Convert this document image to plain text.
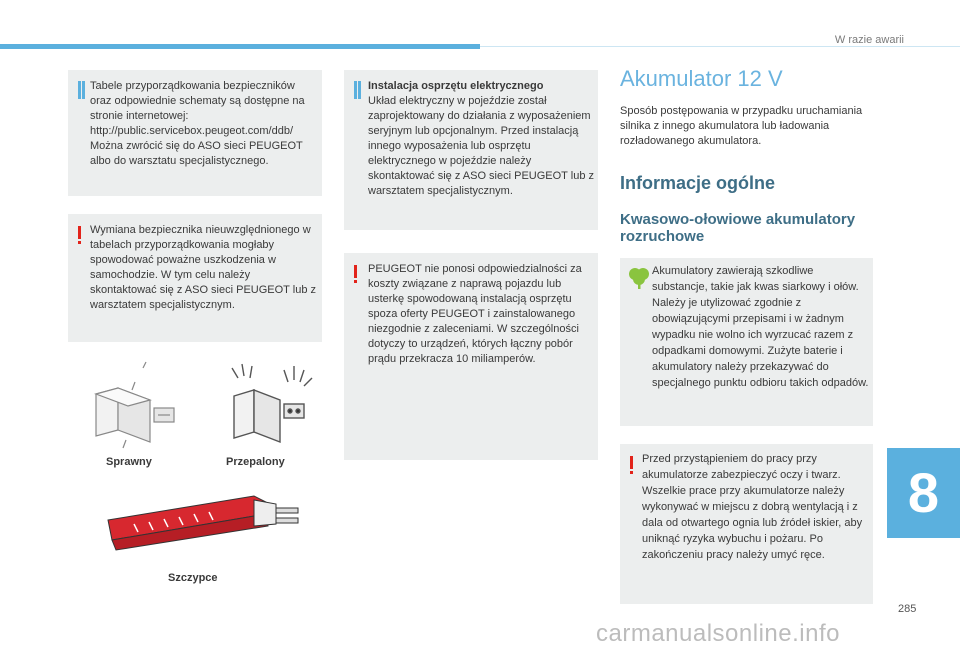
W razie awarii
Tabele przyporządkowania bezpieczników oraz odpowiednie schematy są dostępne na stronie internetowej: http://public.servicebox.peugeot.com/ddb/ Można zwrócić się do ASO sieci PEUGEOT albo do warsztatu specjalistycznego.
Wymiana bezpiecznika nieuwzględnionego w tabelach przyporządkowania mogłaby spowodować poważne uszkodzenia w samochodzie. W tym celu należy skontaktować się z ASO sieci PEUGEOT lub z warsztatem specjalistycznym.
Sprawny	Przepalony
Szczypce
Instalacja osprzętu elektrycznego
Układ elektryczny w pojeździe został zaprojektowany do działania z wyposażeniem seryjnym lub opcjonalnym. Przed instalacją innego wyposażenia lub osprzętu elektrycznego w pojeździe należy skontaktować się z ASO sieci PEUGEOT lub z warsztatem specjalistycznym.
PEUGEOT nie ponosi odpowiedzialności za koszty związane z naprawą pojazdu lub usterkę spowodowaną instalacją osprzętu spoza oferty PEUGEOT i zainstalowanego niezgodnie z zaleceniami. W szczególności dotyczy to urządzeń, których łączny pobór prądu przekracza 10 miliamperów.
Akumulator 12 V
Sposób postępowania w przypadku uruchamiania silnika z innego akumulatora lub ładowania rozładowanego akumulatora.
Informacje ogólne
Kwasowo-ołowiowe akumulatory rozruchowe
Akumulatory zawierają szkodliwe substancje, takie jak kwas siarkowy i ołów. Należy je utylizować zgodnie z obowiązującymi przepisami i w żadnym wypadku nie wolno ich wyrzucać razem z odpadkami domowymi. Zużyte baterie i akumulatory należy przekazywać do specjalnego punktu odbioru takich odpadów.
Przed przystąpieniem do pracy przy akumulatorze zabezpieczyć oczy i twarz. Wszelkie prace przy akumulatorze należy wykonywać w miejscu z dobrą wentylacją i z dala od otwartego ognia lub źródeł iskier, aby uniknąć ryzyka wybuchu i pożaru. Po zakończeniu pracy należy umyć ręce.
8
285
carmanualsonline.info
